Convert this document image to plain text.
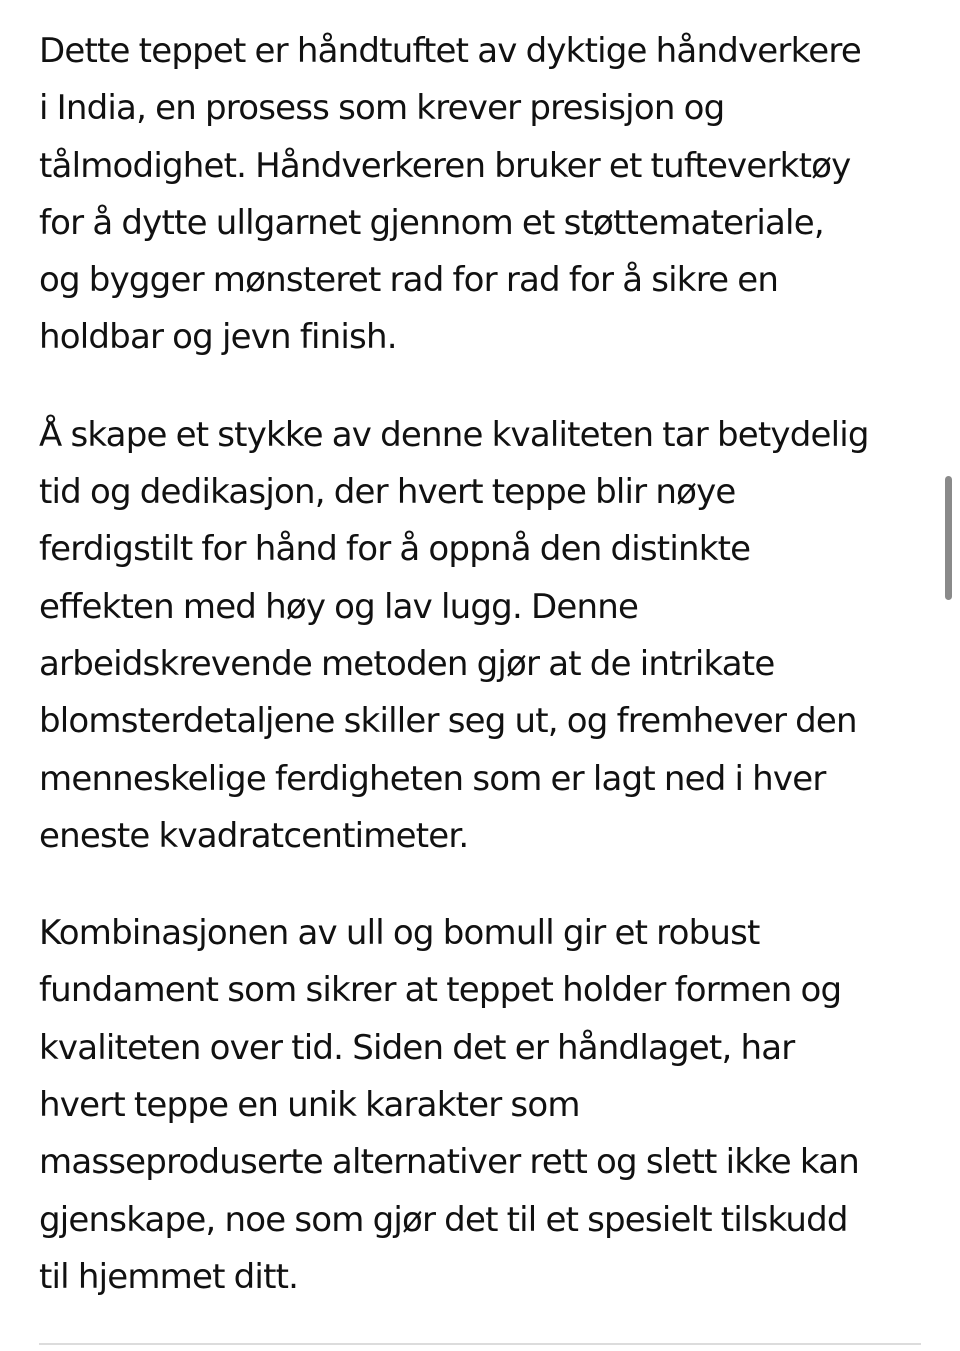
Dette teppet er håndtuftet av dyktige håndverkere
i India, en prosess som krever presisjon og
tålmodighet. Håndverkeren bruker et tufteverktøy
for å dytte ullgarnet gjennom et støttemateriale,
og bygger mønsteret rad for rad for å sikre en
holdbar og jevn finish.

Å skape et stykke av denne kvaliteten tar betydelig
tid og dedikasjon, der hvert teppe blir nøye
ferdigstilt for hånd for å oppnå den distinkte
effekten med høy og lav lugg. Denne
arbeidskrevende metoden gjør at de intrikate
blomsterdetaljene skiller seg ut, og fremhever den
menneskelige ferdigheten som er lagt ned i hver
eneste kvadratcentimeter.

Kombinasjonen av ull og bomull gir et robust
fundament som sikrer at teppet holder formen og
kvaliteten over tid. Siden det er håndlaget, har
hvert teppe en unik karakter som
masseproduserte alternativer rett og slett ikke kan
gjenskape, noe som gjør det til et spesielt tilskudd
til hjemmet ditt.
